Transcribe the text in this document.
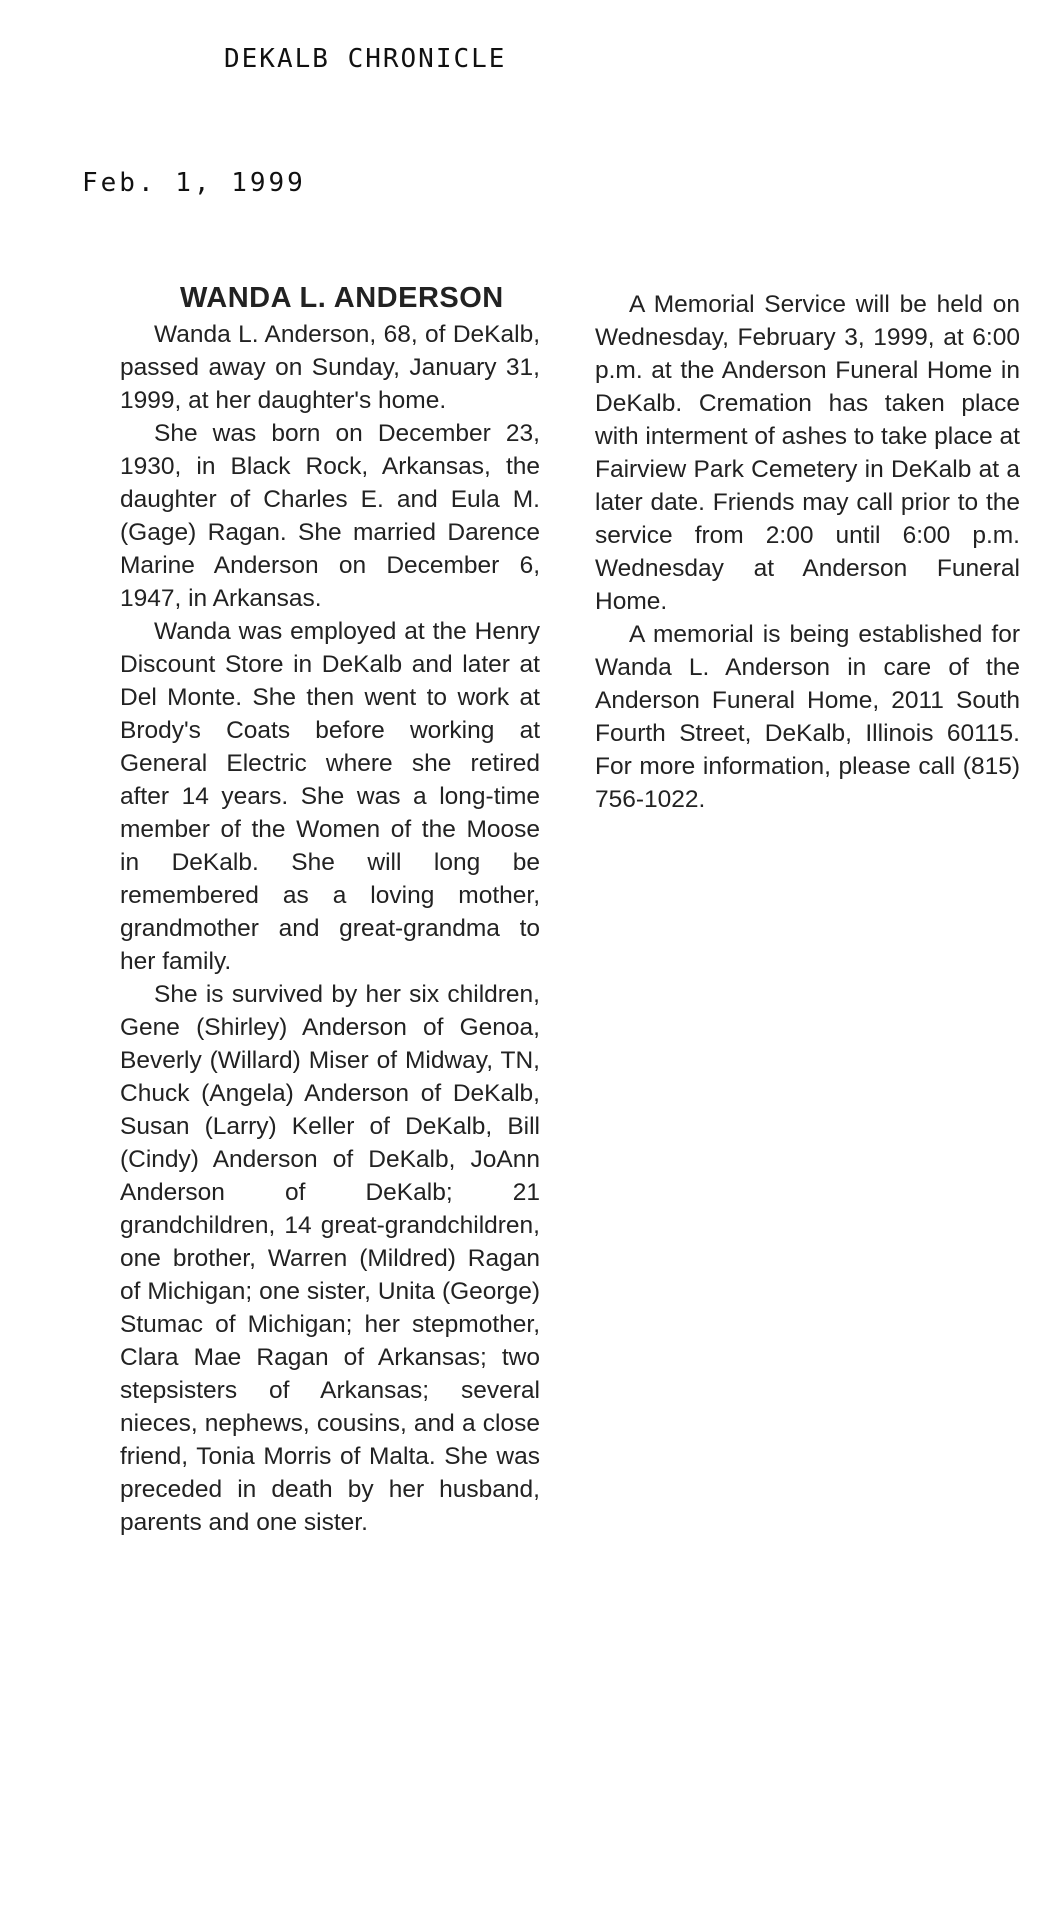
DEKALB CHRONICLE
Feb. 1, 1999
WANDA L. ANDERSON

Wanda L. Anderson, 68, of DeKalb, passed away on Sunday, January 31, 1999, at her daughter's home.

She was born on December 23, 1930, in Black Rock, Arkansas, the daughter of Charles E. and Eula M. (Gage) Ragan. She married Darence Marine Anderson on December 6, 1947, in Arkansas.

Wanda was employed at the Henry Discount Store in DeKalb and later at Del Monte. She then went to work at Brody's Coats before working at General Electric where she retired after 14 years. She was a long-time member of the Women of the Moose in DeKalb. She will long be remembered as a loving mother, grandmother and great-grandma to her family.

She is survived by her six children, Gene (Shirley) Anderson of Genoa, Beverly (Willard) Miser of Midway, TN, Chuck (Angela) Anderson of DeKalb, Susan (Larry) Keller of DeKalb, Bill (Cindy) Anderson of DeKalb, JoAnn Anderson of DeKalb; 21 grandchildren, 14 great-grandchildren, one brother, Warren (Mildred) Ragan of Michigan; one sister, Unita (George) Stumac of Michigan; her stepmother, Clara Mae Ragan of Arkansas; two stepsisters of Arkansas; several nieces, nephews, cousins, and a close friend, Tonia Morris of Malta. She was preceded in death by her husband, parents and one sister.

A Memorial Service will be held on Wednesday, February 3, 1999, at 6:00 p.m. at the Anderson Funeral Home in DeKalb. Cremation has taken place with interment of ashes to take place at Fairview Park Cemetery in DeKalb at a later date. Friends may call prior to the service from 2:00 until 6:00 p.m. Wednesday at Anderson Funeral Home.

A memorial is being established for Wanda L. Anderson in care of the Anderson Funeral Home, 2011 South Fourth Street, DeKalb, Illinois 60115. For more information, please call (815) 756-1022.
